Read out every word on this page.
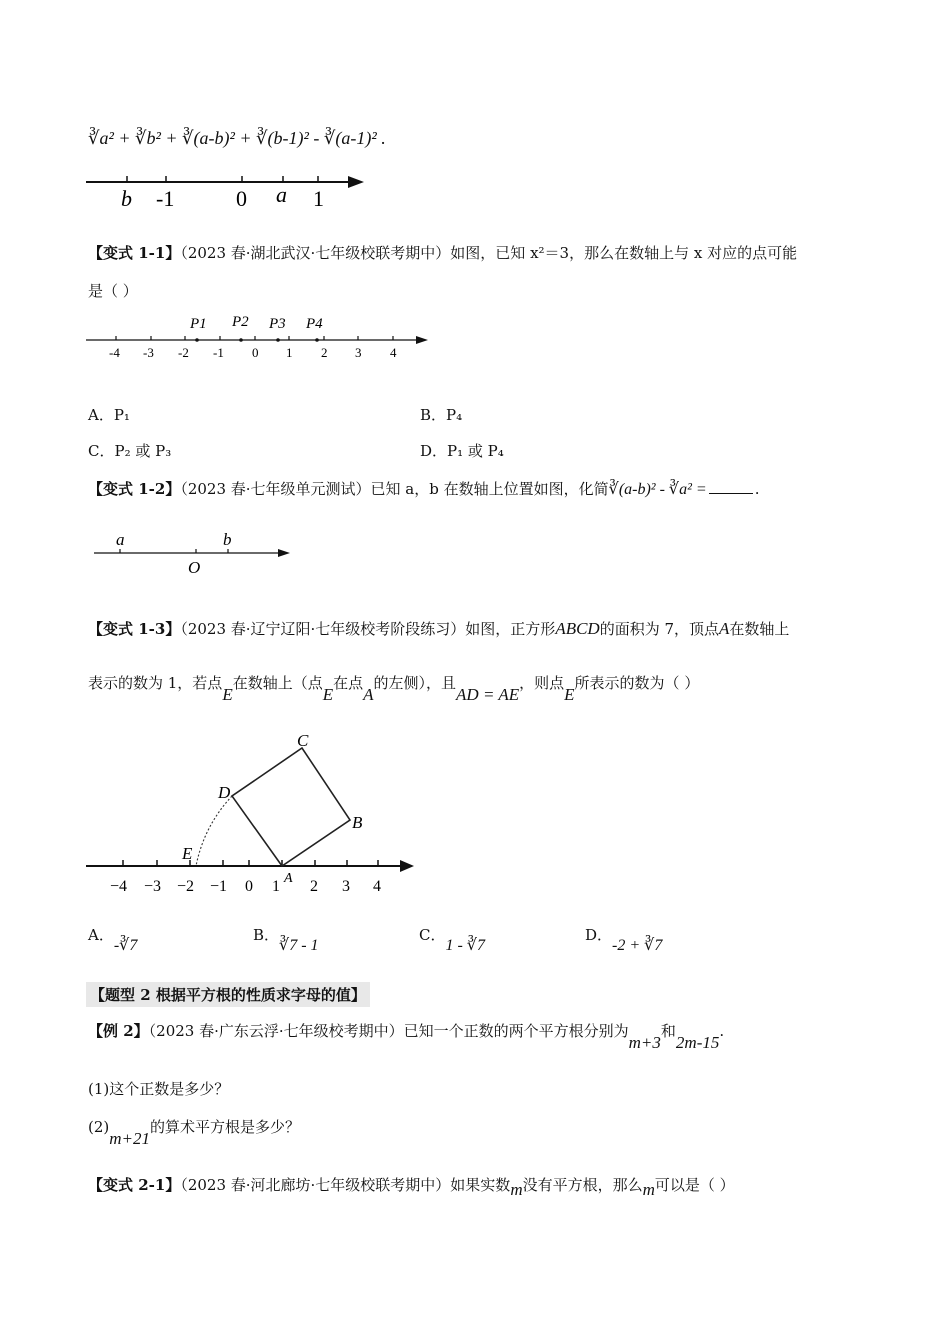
∛a² + ∛b² + ∛(a-b)² + ∛(b-1)² - ∛(a-1)² .
b -1	0 a 1
【变式 1-1】（2023 春·湖北武汉·七年级校联考期中）如图，已知 x²＝3，那么在数轴上与 x 对应的点可能
是（ ）
P1 P2 P3 P4
-4 -3 -2 -1 0 1 2 3 4
A．P₁	B．P₄
C．P₂ 或 P₃	D．P₁ 或 P₄
【变式 1-2】（2023 春·七年级单元测试）已知 a，b 在数轴上位置如图，化简∛(a-b)² - ∛a² =	.
a	b
O
【变式 1-3】（2023 春·辽宁辽阳·七年级校考阶段练习）如图，正方形ABCD的面积为 7，顶点A在数轴上
表示的数为 1，若点E在数轴上（点E在点A的左侧），且AD = AE，则点E所表示的数为（ ）
C
D
B
E
A
−4 −3 −2 −1 0 1 2 3 4
A．-∛7
B．∛7 - 1
C．1 - ∛7
D．-2 + ∛7
【题型 2 根据平方根的性质求字母的值】
【例 2】（2023 春·广东云浮·七年级校考期中）已知一个正数的两个平方根分别为m+3和2m-15.
(1)这个正数是多少？
(2)m+21的算术平方根是多少？
【变式 2-1】（2023 春·河北廊坊·七年级校联考期中）如果实数m没有平方根，那么m可以是（ ）
